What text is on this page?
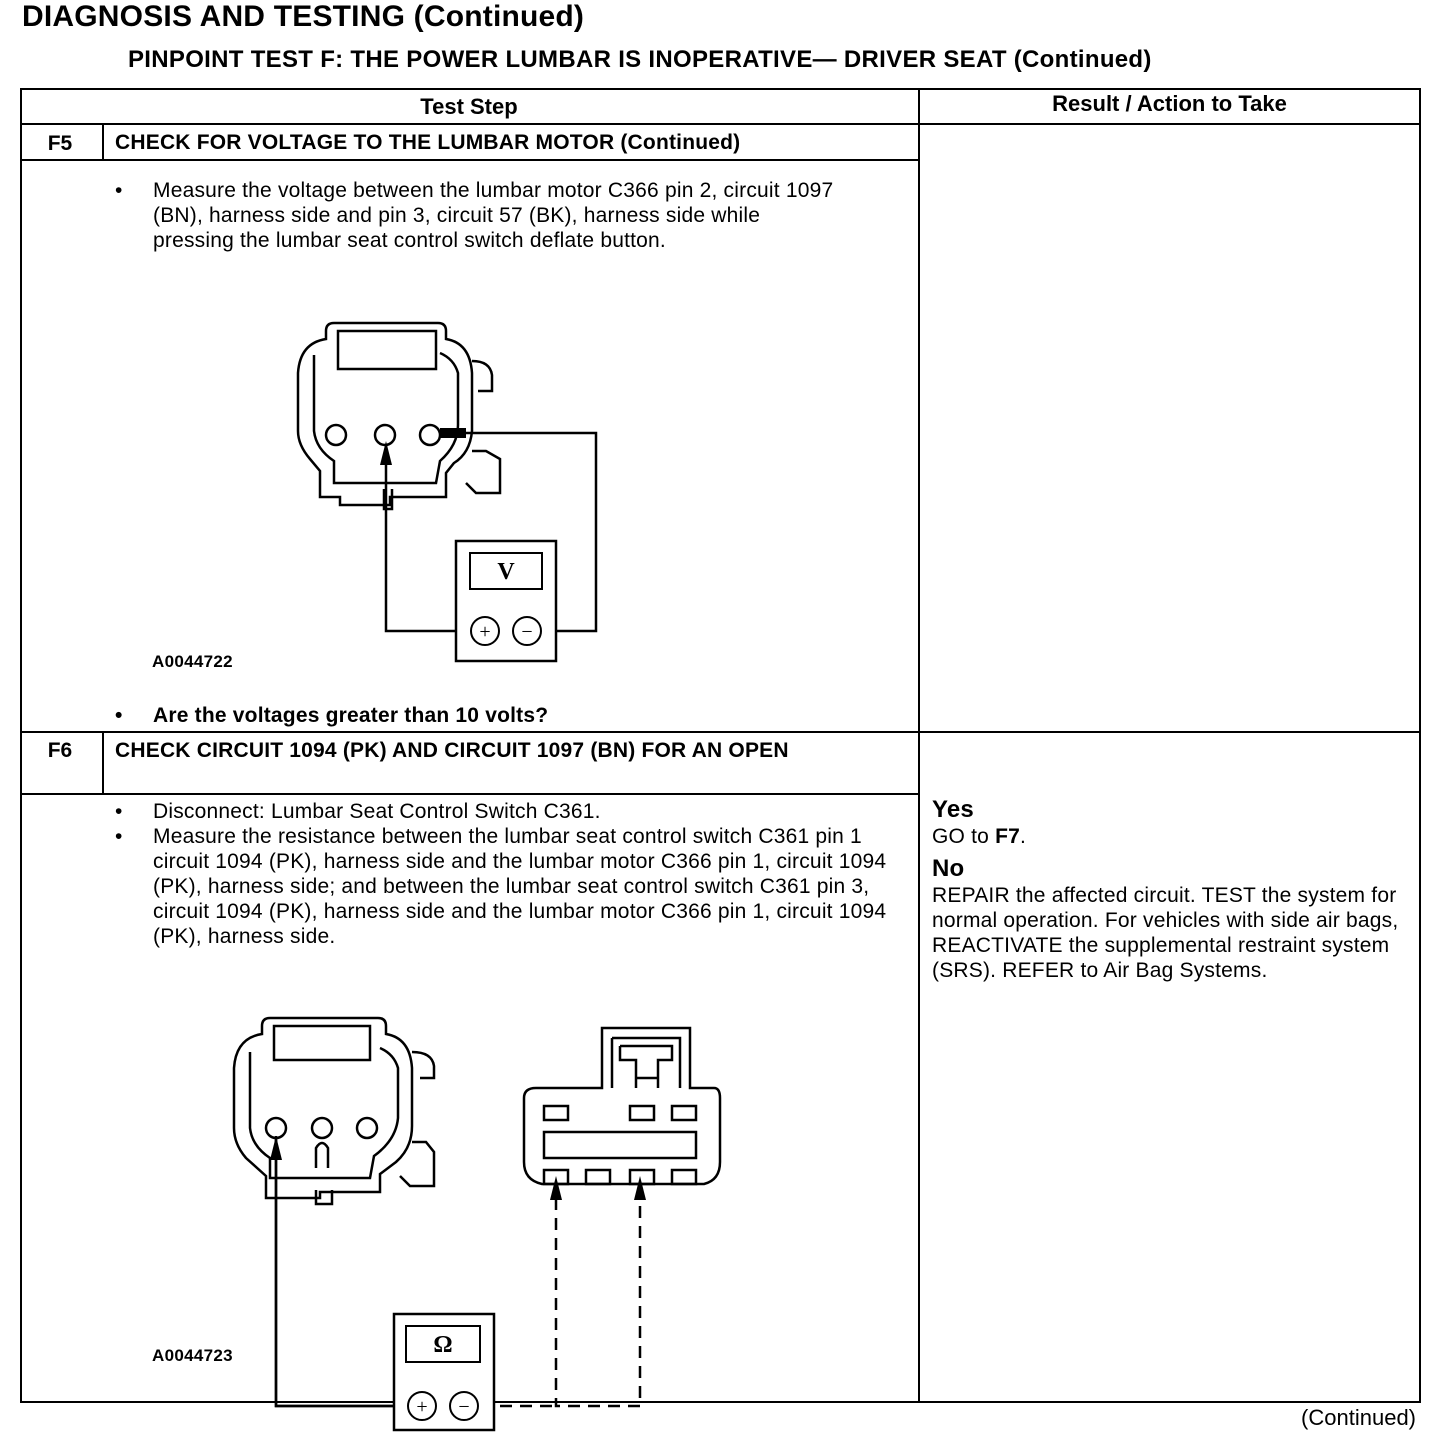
DIAGNOSIS AND TESTING (Continued)
PINPOINT TEST F: THE POWER LUMBAR IS INOPERATIVE— DRIVER SEAT (Continued)
Test Step	Result / Action to Take
F5	CHECK FOR VOLTAGE TO THE LUMBAR MOTOR (Continued)
• Measure the voltage between the lumbar motor C366 pin 2, circuit 1097 (BN), harness side and pin 3, circuit 57 (BK), harness side while pressing the lumbar seat control switch deflate button.
V
+ −
A0044722
• Are the voltages greater than 10 volts?
F6	CHECK CIRCUIT 1094 (PK) AND CIRCUIT 1097 (BN) FOR AN OPEN
• Disconnect: Lumbar Seat Control Switch C361.
• Measure the resistance between the lumbar seat control switch C361 pin 1 circuit 1094 (PK), harness side and the lumbar motor C366 pin 1, circuit 1094 (PK), harness side; and between the lumbar seat control switch C361 pin 3, circuit 1094 (PK), harness side and the lumbar motor C366 pin 1, circuit 1094 (PK), harness side.
Ω
+ −
A0044723
Yes
GO to F7.
No
REPAIR the affected circuit. TEST the system for normal operation. For vehicles with side air bags, REACTIVATE the supplemental restraint system (SRS). REFER to Air Bag Systems.
(Continued)
